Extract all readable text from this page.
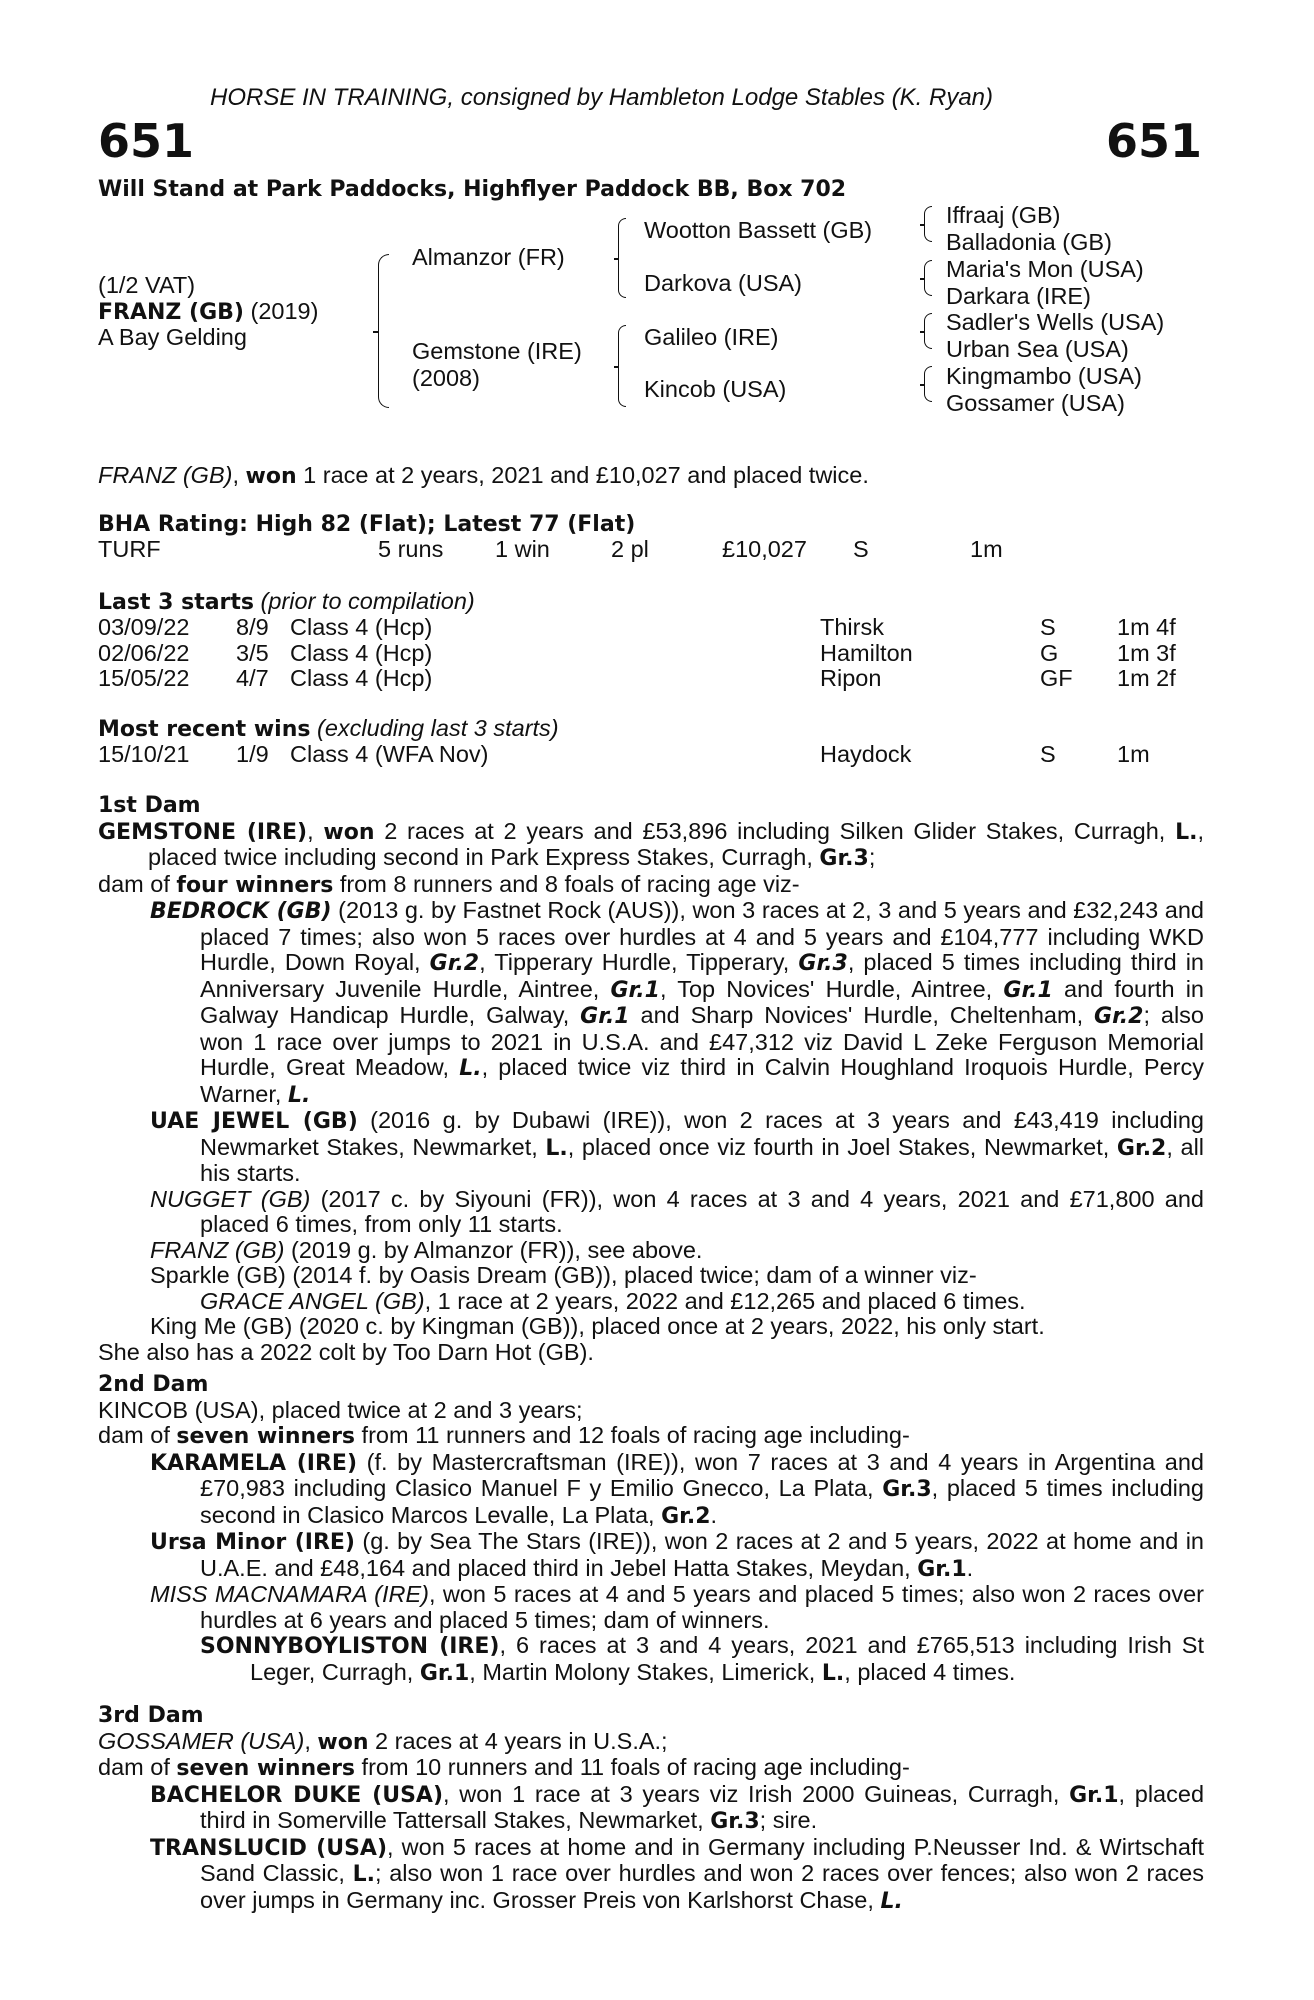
HORSE IN TRAINING, consigned by Hambleton Lodge Stables (K. Ryan)
651	651
Will Stand at Park Paddocks, Highflyer Paddock BB, Box 702
(1/2 VAT)
FRANZ (GB) (2019)
A Bay Gelding
Almanzor (FR)
Gemstone (IRE)
(2008)
Wootton Bassett (GB)
Darkova (USA)
Galileo (IRE)
Kincob (USA)
Iffraaj (GB)
Balladonia (GB)
Maria's Mon (USA)
Darkara (IRE)
Sadler's Wells (USA)
Urban Sea (USA)
Kingmambo (USA)
Gossamer (USA)
FRANZ (GB), won 1 race at 2 years, 2021 and £10,027 and placed twice.
BHA Rating: High 82 (Flat); Latest 77 (Flat)
TURF	5 runs 1 win	2 pl	£10,027 S	1m
Last 3 starts (prior to compilation)
03/09/22 8/9 Class 4 (Hcp)	Thirsk	S	1m 4f
02/06/22 3/5 Class 4 (Hcp)	Hamilton	G 1m 3f
15/05/22 4/7 Class 4 (Hcp)	Ripon	GF 1m 2f
Most recent wins (excluding last 3 starts)
15/10/21 1/9 Class 4 (WFA Nov)	Haydock	S	1m

1st Dam

GEMSTONE (IRE), won 2 races at 2 years and £53,896 including Silken Glider Stakes, Curragh, L., placed twice including second in Park Express Stakes, Curragh, Gr.3;

dam of four winners from 8 runners and 8 foals of racing age viz-

BEDROCK (GB) (2013 g. by Fastnet Rock (AUS)), won 3 races at 2, 3 and 5 years and £32,243 and placed 7 times; also won 5 races over hurdles at 4 and 5 years and £104,777 including WKD Hurdle, Down Royal, Gr.2, Tipperary Hurdle, Tipperary, Gr.3, placed 5 times including third in Anniversary Juvenile Hurdle, Aintree, Gr.1, Top Novices' Hurdle, Aintree, Gr.1 and fourth in Galway Handicap Hurdle, Galway, Gr.1 and Sharp Novices' Hurdle, Cheltenham, Gr.2; also won 1 race over jumps to 2021 in U.S.A. and £47,312 viz David L Zeke Ferguson Memorial Hurdle, Great Meadow, L., placed twice viz third in Calvin Houghland Iroquois Hurdle, Percy Warner, L.

UAE JEWEL (GB) (2016 g. by Dubawi (IRE)), won 2 races at 3 years and £43,419 including Newmarket Stakes, Newmarket, L., placed once viz fourth in Joel Stakes, Newmarket, Gr.2, all his starts.

NUGGET (GB) (2017 c. by Siyouni (FR)), won 4 races at 3 and 4 years, 2021 and £71,800 and placed 6 times, from only 11 starts.

FRANZ (GB) (2019 g. by Almanzor (FR)), see above.

Sparkle (GB) (2014 f. by Oasis Dream (GB)), placed twice; dam of a winner viz-

GRACE ANGEL (GB), 1 race at 2 years, 2022 and £12,265 and placed 6 times.

King Me (GB) (2020 c. by Kingman (GB)), placed once at 2 years, 2022, his only start.

She also has a 2022 colt by Too Darn Hot (GB).

2nd Dam

KINCOB (USA), placed twice at 2 and 3 years;

dam of seven winners from 11 runners and 12 foals of racing age including-

KARAMELA (IRE) (f. by Mastercraftsman (IRE)), won 7 races at 3 and 4 years in Argentina and £70,983 including Clasico Manuel F y Emilio Gnecco, La Plata, Gr.3, placed 5 times including second in Clasico Marcos Levalle, La Plata, Gr.2.

Ursa Minor (IRE) (g. by Sea The Stars (IRE)), won 2 races at 2 and 5 years, 2022 at home and in U.A.E. and £48,164 and placed third in Jebel Hatta Stakes, Meydan, Gr.1.

MISS MACNAMARA (IRE), won 5 races at 4 and 5 years and placed 5 times; also won 2 races over hurdles at 6 years and placed 5 times; dam of winners.

SONNYBOYLISTON (IRE), 6 races at 3 and 4 years, 2021 and £765,513 including Irish St Leger, Curragh, Gr.1, Martin Molony Stakes, Limerick, L., placed 4 times.

3rd Dam

GOSSAMER (USA), won 2 races at 4 years in U.S.A.;

dam of seven winners from 10 runners and 11 foals of racing age including-

BACHELOR DUKE (USA), won 1 race at 3 years viz Irish 2000 Guineas, Curragh, Gr.1, placed third in Somerville Tattersall Stakes, Newmarket, Gr.3; sire.

TRANSLUCID (USA), won 5 races at home and in Germany including P.Neusser Ind. & Wirtschaft Sand Classic, L.; also won 1 race over hurdles and won 2 races over fences; also won 2 races over jumps in Germany inc. Grosser Preis von Karlshorst Chase, L.
